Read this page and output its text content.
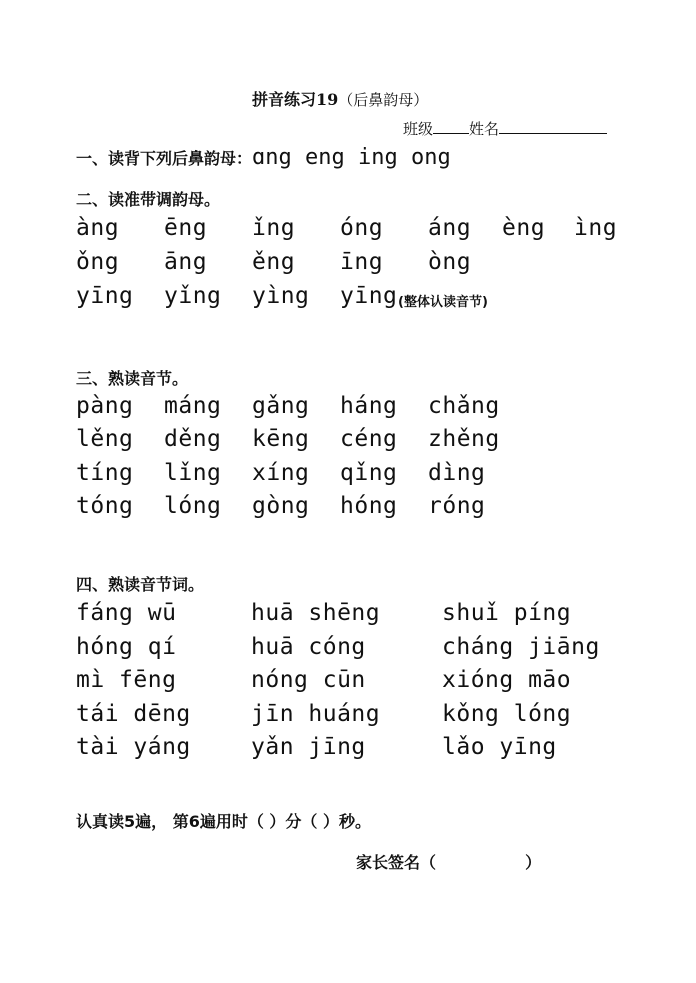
拼音练习19（后鼻韵母）
班级 姓名
一、读背下列后鼻韵母：ɑng eng ing ong
二、读准带调韵母。
àng ēng ǐng óng áng èng ìng
ǒng āng ěng īng òng
yīng yǐng yìng yīng (整体认读音节)
三、熟读音节。
pàng máng gǎng háng chǎng
lěng děng kēng céng zhěng
tíng lǐng xíng qǐng dìng
tóng lóng gòng hóng róng
四、熟读音节词。
fáng wū	huā shēng	shuǐ píng
hóng qí	huā cóng	cháng jiāng
mì fēng	nóng cūn	xióng māo
tái dēng	jīn huáng	kǒng lóng
tài yáng	yǎn jīng	lǎo yīng
认真读5遍， 第6遍用时（ ）分（ ）秒。
家长签名（                ）
